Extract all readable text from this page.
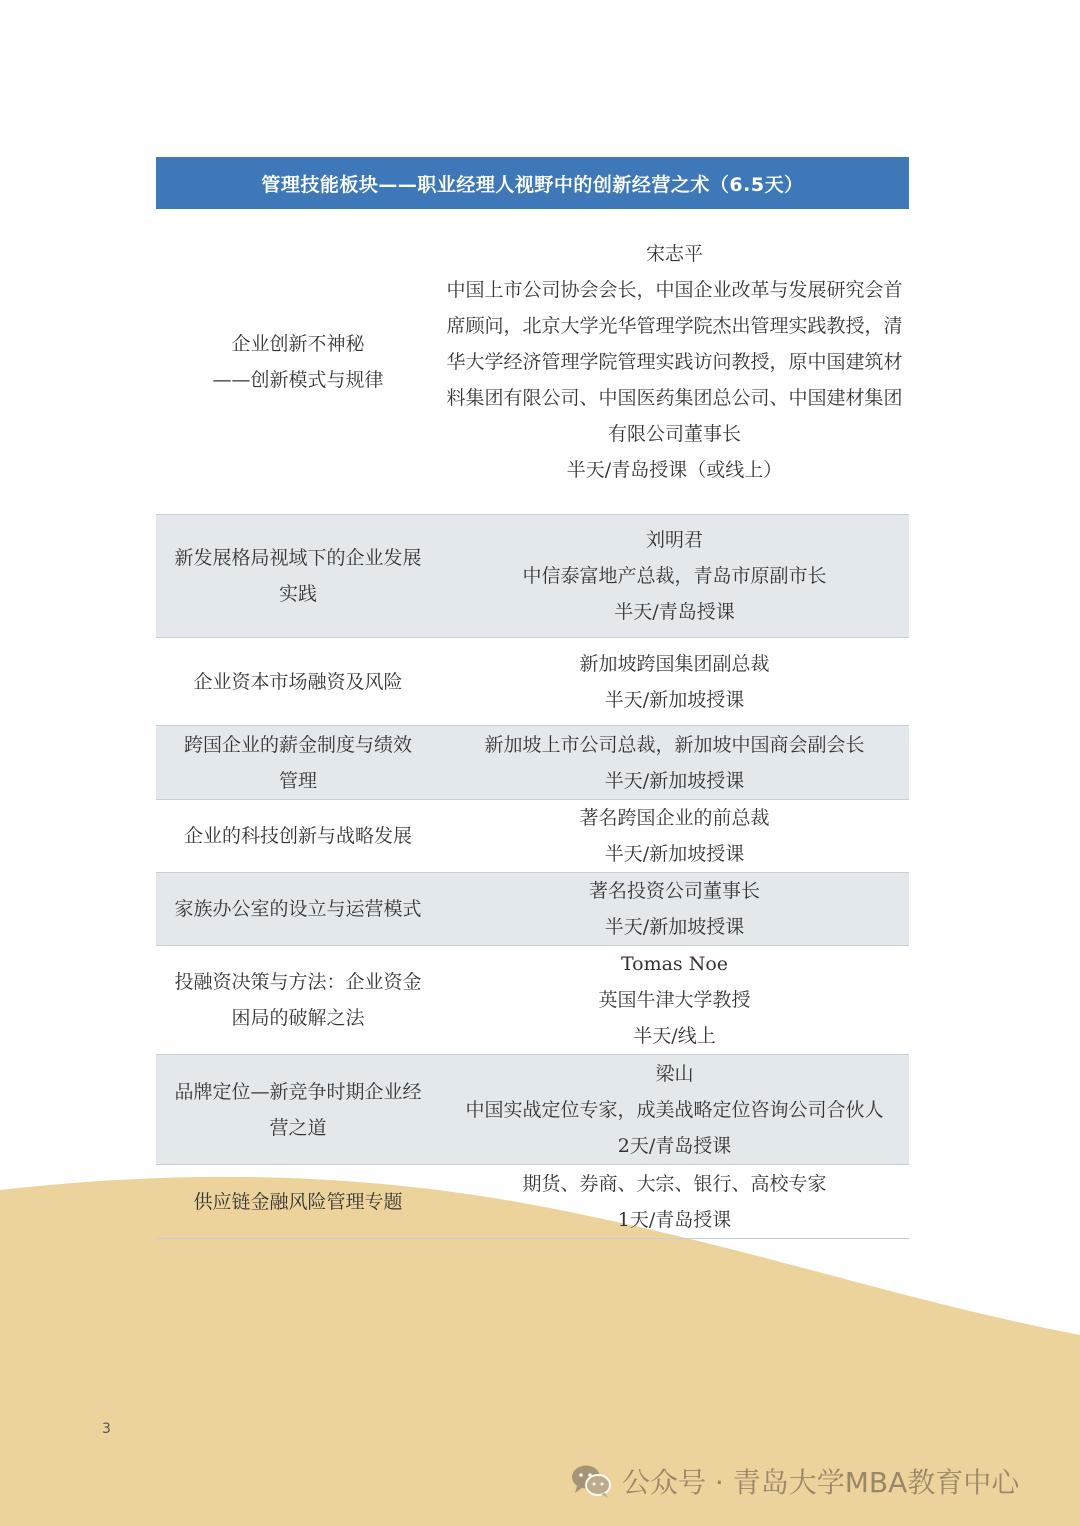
管理技能板块——职业经理人视野中的创新经营之术（6.5天）
企业创新不神秘
——创新模式与规律
宋志平
中国上市公司协会会长，中国企业改革与发展研究会首
席顾问，北京大学光华管理学院杰出管理实践教授，清
华大学经济管理学院管理实践访问教授，原中国建筑材
料集团有限公司、中国医药集团总公司、中国建材集团
有限公司董事长
半天/青岛授课（或线上）
新发展格局视域下的企业发展
实践
刘明君
中信泰富地产总裁，青岛市原副市长
半天/青岛授课
企业资本市场融资及风险
新加坡跨国集团副总裁
半天/新加坡授课
跨国企业的薪金制度与绩效
管理
新加坡上市公司总裁，新加坡中国商会副会长
半天/新加坡授课
企业的科技创新与战略发展
著名跨国企业的前总裁
半天/新加坡授课
家族办公室的设立与运营模式
著名投资公司董事长
半天/新加坡授课
投融资决策与方法：企业资金
困局的破解之法
Tomas Noe
英国牛津大学教授
半天/线上
品牌定位—新竞争时期企业经
营之道
梁山
中国实战定位专家，成美战略定位咨询公司合伙人
2天/青岛授课
供应链金融风险管理专题
期货、券商、大宗、银行、高校专家
1天/青岛授课
3
公众号 · 青岛大学MBA教育中心
